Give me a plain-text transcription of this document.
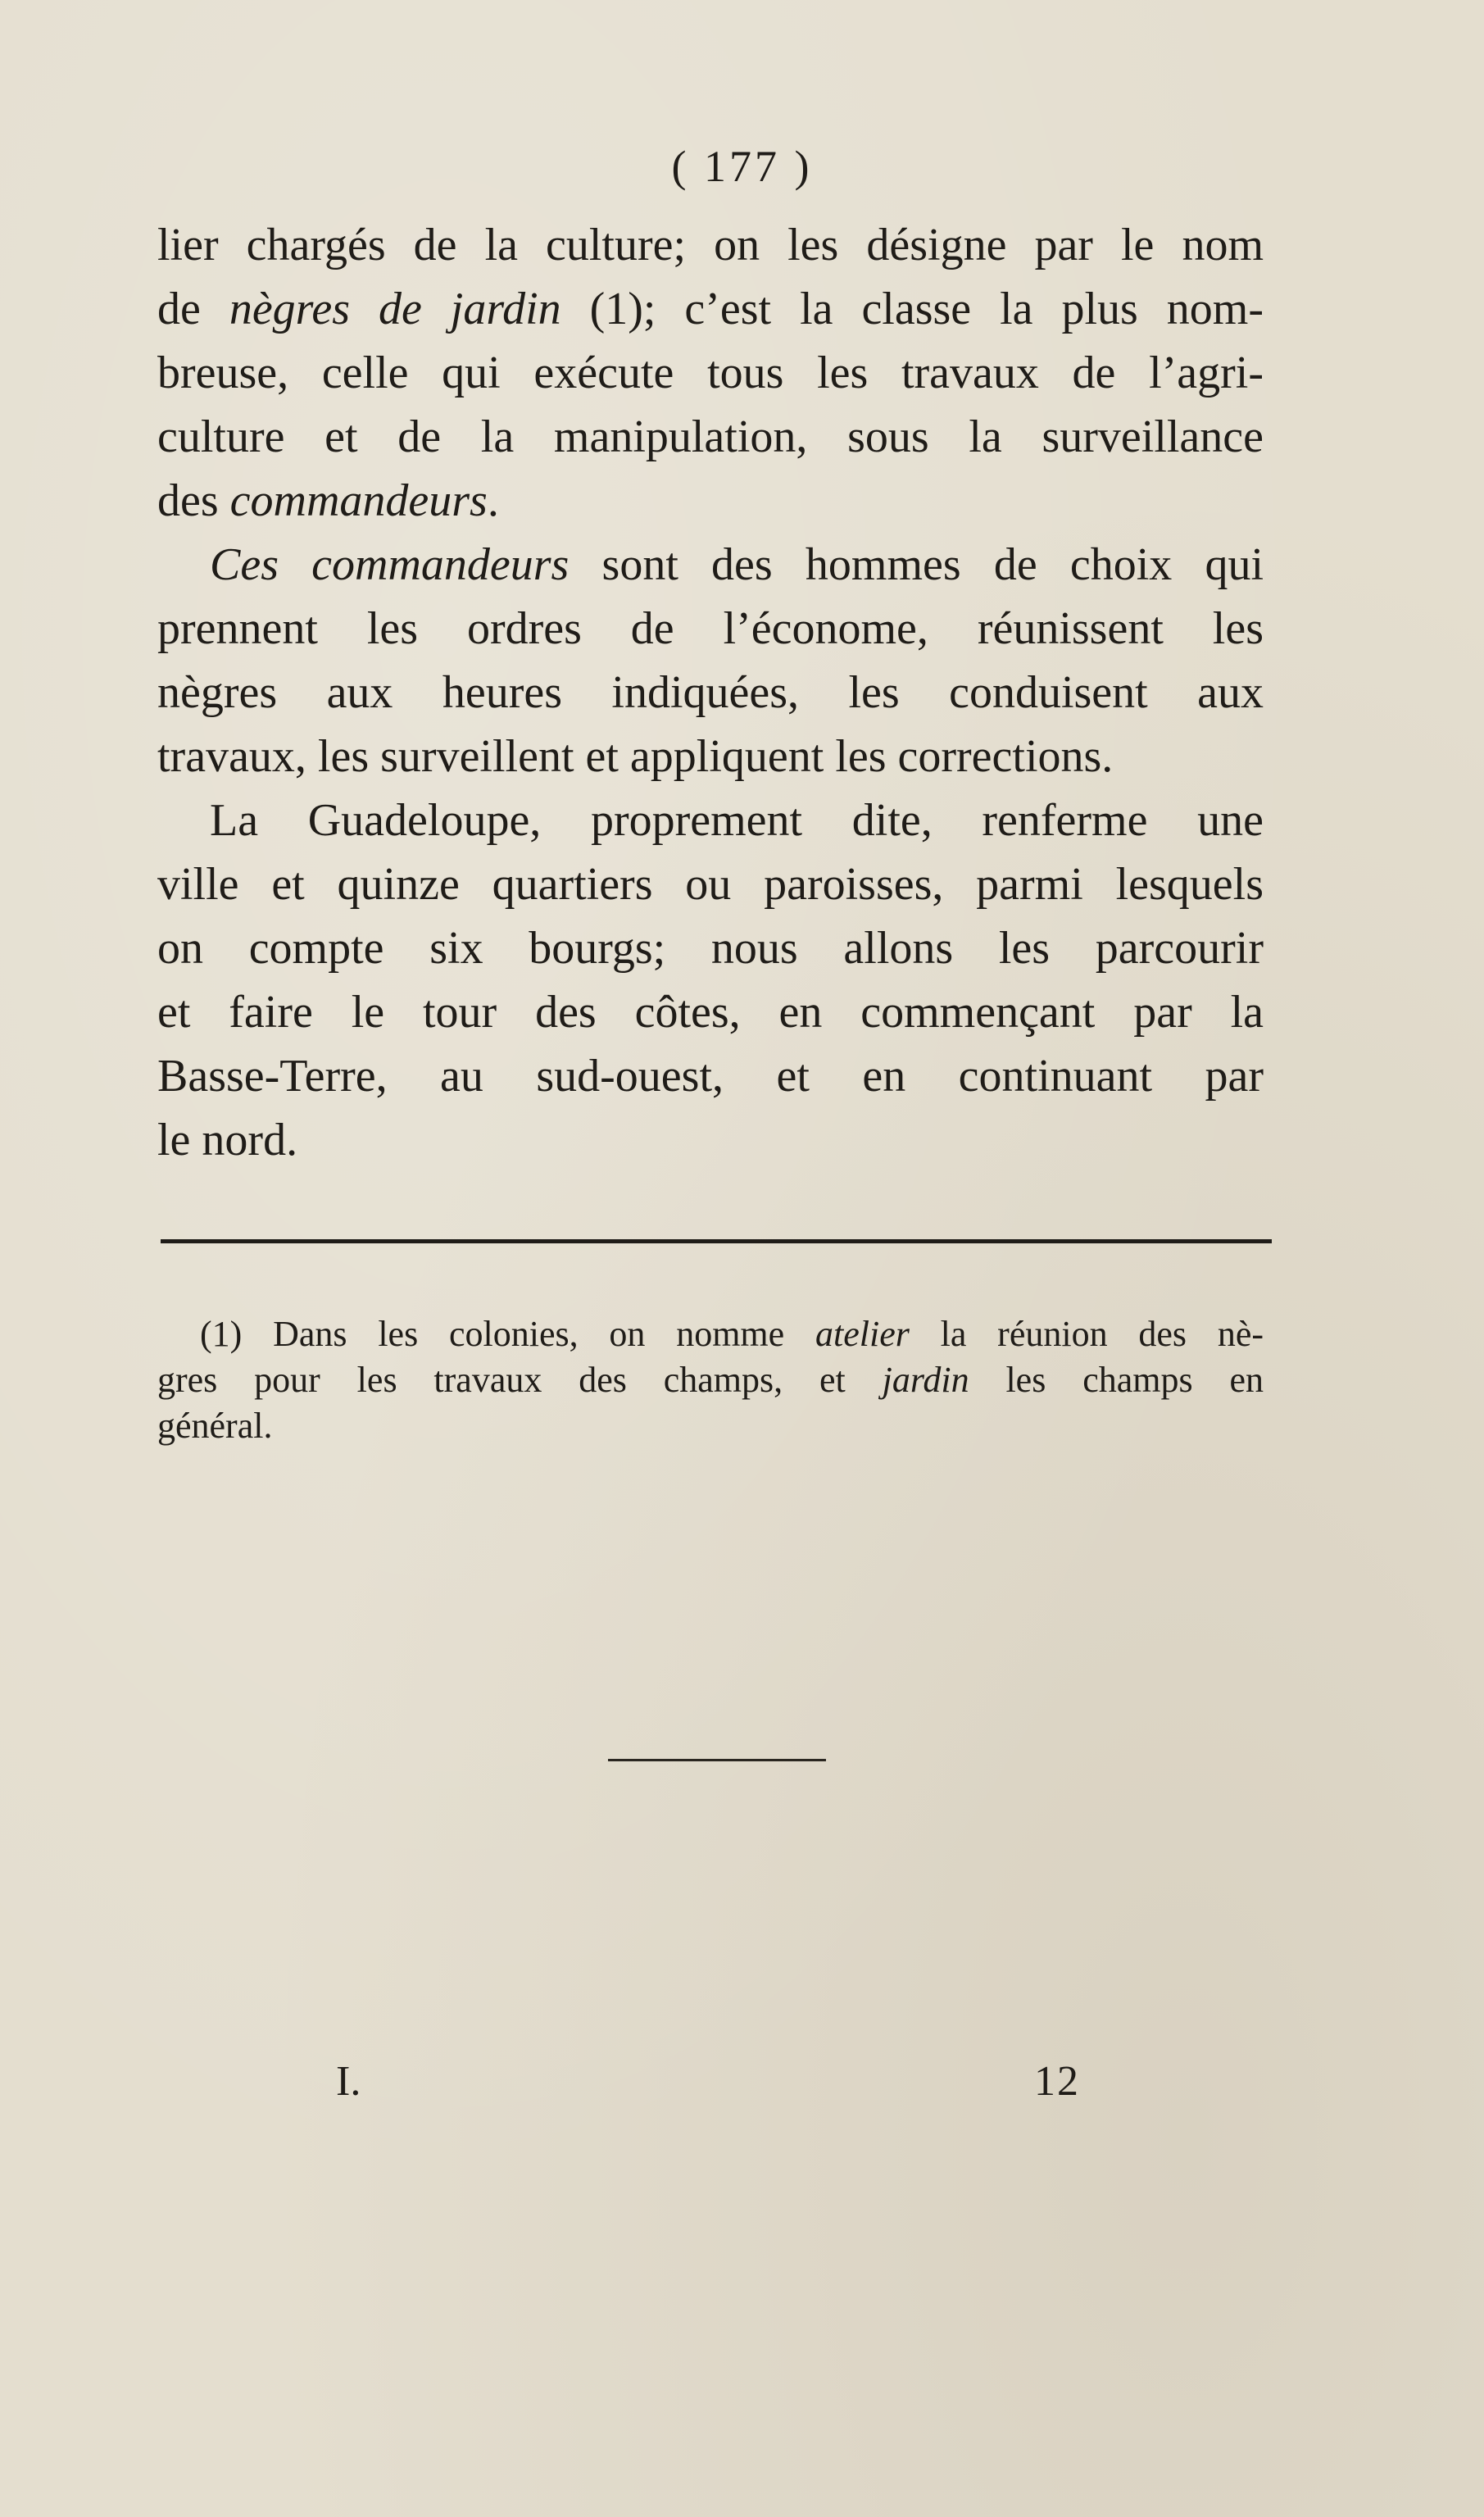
( 177 )
lier chargés de la culture; on les désigne par le nom
de nègres de jardin (1); c’est la classe la plus nom-
breuse, celle qui exécute tous les travaux de l’agri-
culture et de la manipulation, sous la surveillance
des commandeurs.
Ces commandeurs sont des hommes de choix qui
prennent les ordres de l’économe, réunissent les
nègres aux heures indiquées, les conduisent aux
travaux, les surveillent et appliquent les corrections.
La Guadeloupe, proprement dite, renferme une
ville et quinze quartiers ou paroisses, parmi lesquels
on compte six bourgs; nous allons les parcourir
et faire le tour des côtes, en commençant par la
Basse-Terre, au sud-ouest, et en continuant par
le nord.
(1) Dans les colonies, on nomme atelier la réunion des nè-
gres pour les travaux des champs, et jardin les champs en
général.
I.	12
